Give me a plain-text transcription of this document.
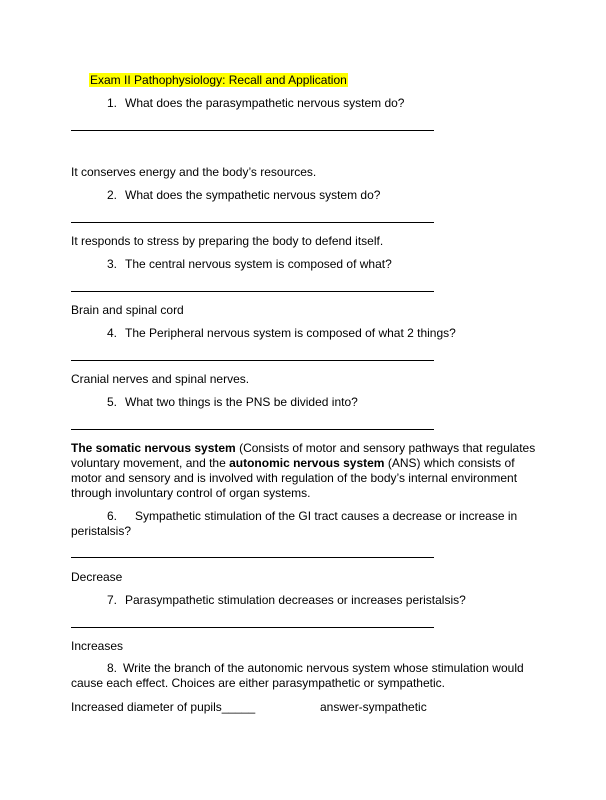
Exam II Pathophysiology: Recall and Application
1. What does the parasympathetic nervous system do?
It conserves energy and the body’s resources.
2. What does the sympathetic nervous system do?
It responds to stress by preparing the body to defend itself.
3. The central nervous system is composed of what?
Brain and spinal cord
4. The Peripheral nervous system is composed of what 2 things?
Cranial nerves and spinal nerves.
5. What two things is the PNS be divided into?
The somatic nervous system (Consists of motor and sensory pathways that regulates voluntary movement, and the autonomic nervous system (ANS) which consists of motor and sensory and is involved with regulation of the body’s internal environment through involuntary control of organ systems.
6. Sympathetic stimulation of the GI tract causes a decrease or increase in peristalsis?
Decrease
7. Parasympathetic stimulation decreases or increases peristalsis?
Increases
8. Write the branch of the autonomic nervous system whose stimulation would cause each effect. Choices are either parasympathetic or sympathetic.
Increased diameter of pupils_____	answer-sympathetic
